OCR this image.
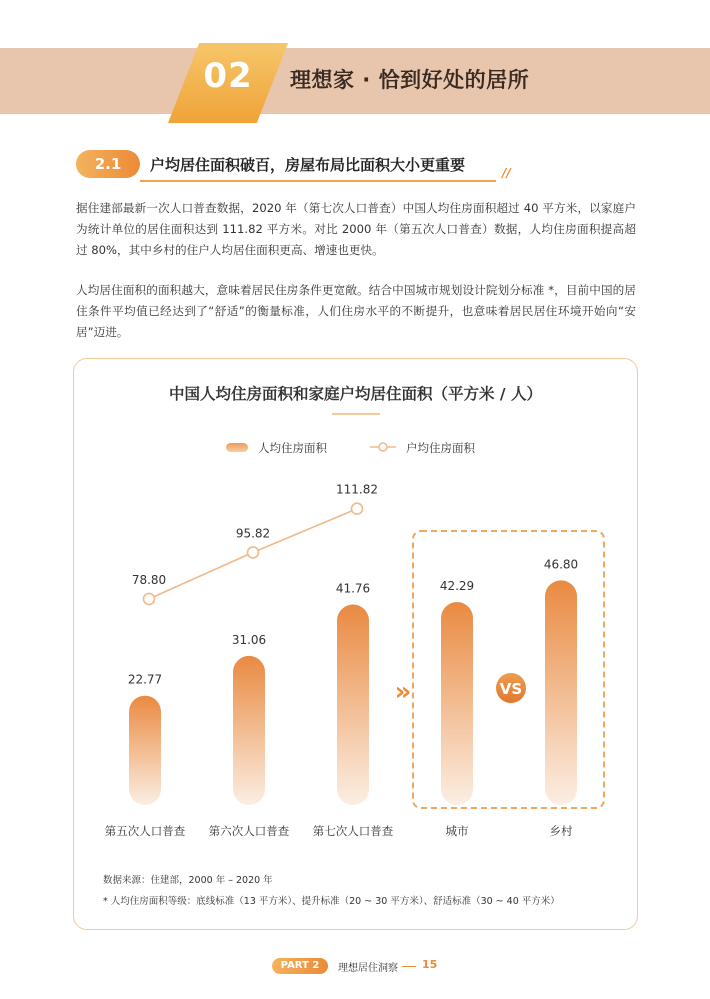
02	理想家 · 恰到好处的居所
2.1	户均居住面积破百，房屋布局比面积大小更重要	//

据住建部最新一次人口普查数据，2020 年（第七次人口普查）中国人均住房面积超过 40 平方米，以家庭户为统计单位的居住面积达到 111.82 平方米。对比 2000 年（第五次人口普查）数据，人均住房面积提高超过 80%，其中乡村的住户人均居住面积更高、增速也更快。

人均居住面积的面积越大，意味着居民住房条件更宽敞。结合中国城市规划设计院划分标准 *，目前中国的居住条件平均值已经达到了“舒适”的衡量标准，人们住房水平的不断提升，也意味着居民居住环境开始向“安居”迈进。

中国人均住房面积和家庭户均居住面积（平方米 / 人）
人均住房面积	户均住房面积
22.77
第五次人口普查
31.06
第六次人口普查
41.76
第七次人口普查
42.29
城市
46.80
乡村
78.80
95.82
111.82
»	VS
数据来源：住建部，2000 年 – 2020 年
* 人均住房面积等级：底线标准（13 平方米）、提升标准（20 ~ 30 平方米）、舒适标准（30 ~ 40 平方米）
PART 2	理想居住洞察 15
